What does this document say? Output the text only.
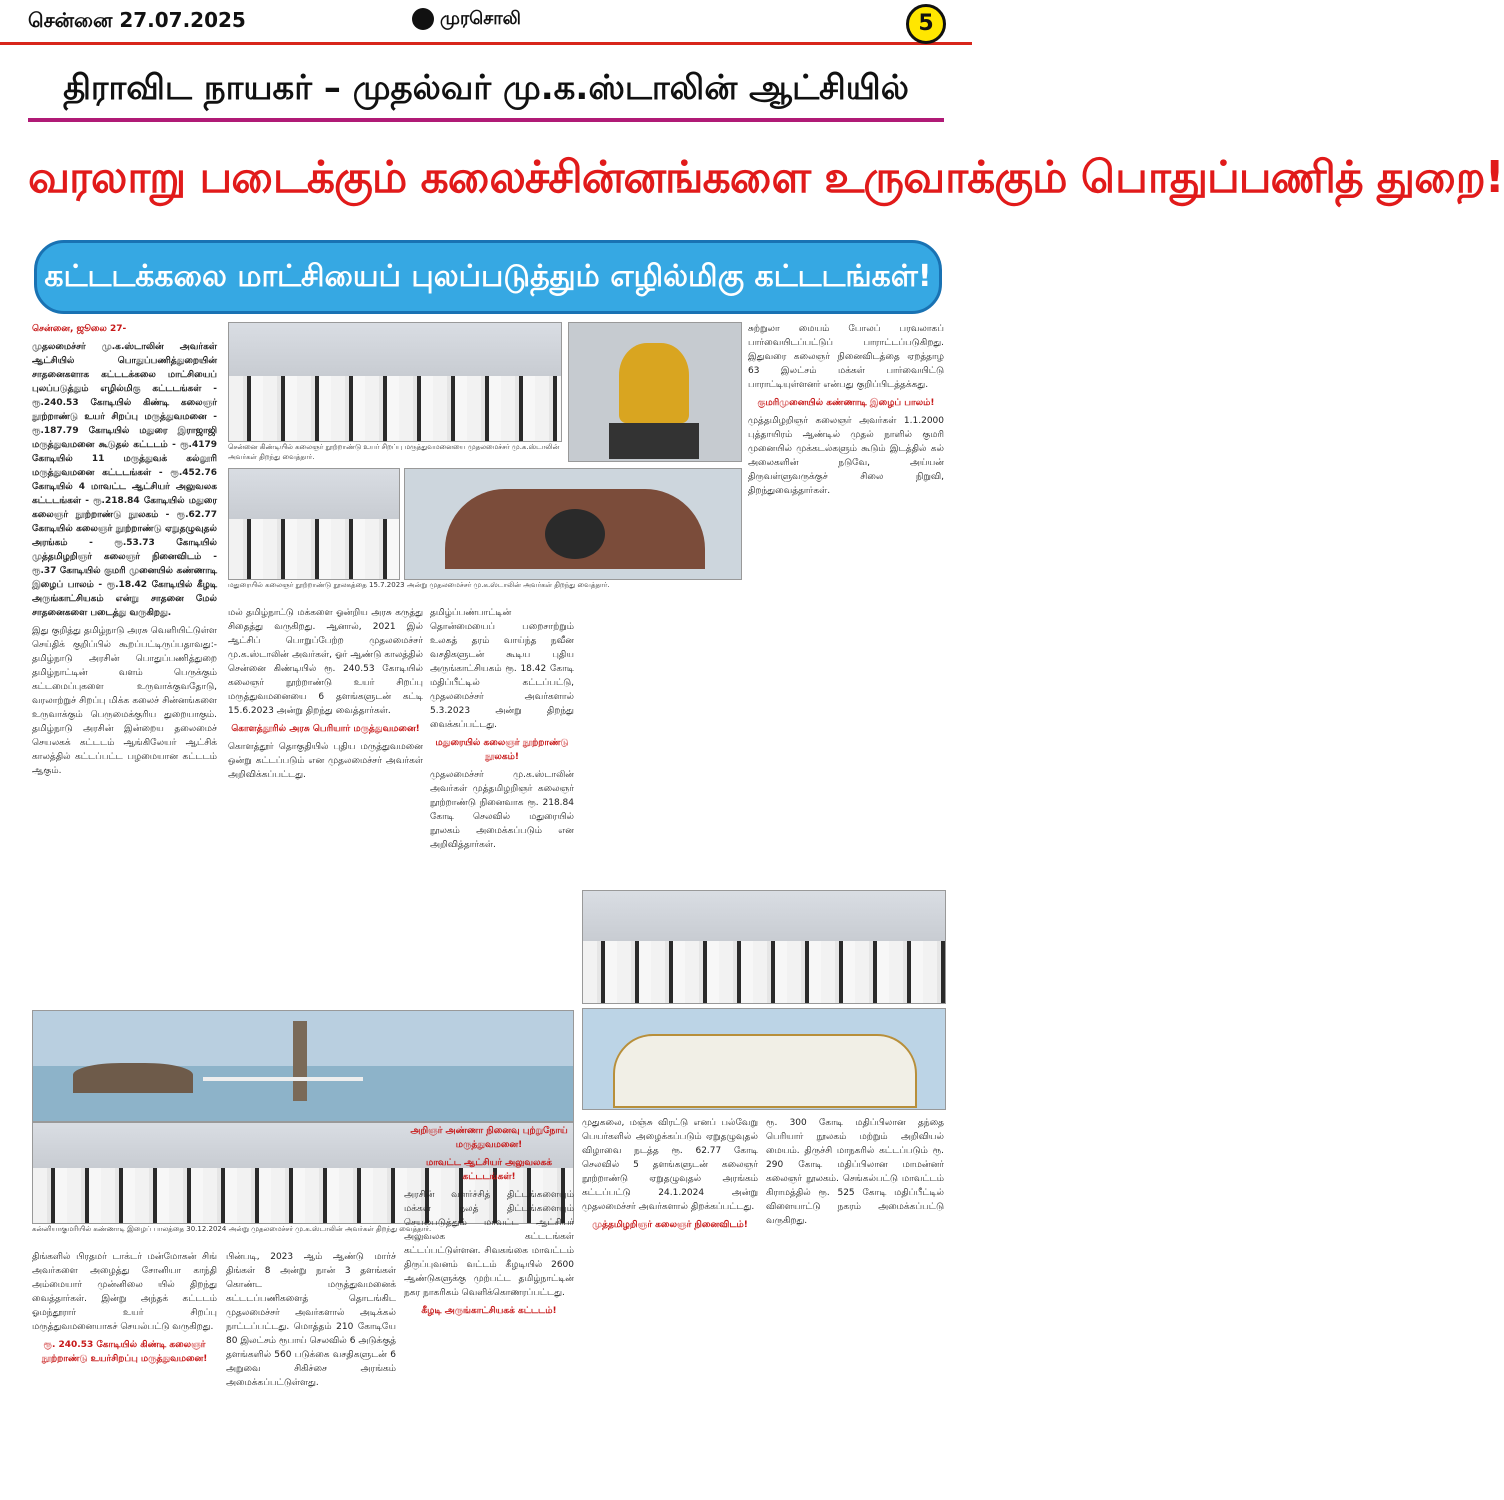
சென்னை 27.07.2025	முரசொலி	5
திராவிட நாயகர் – முதல்வர் மு.க.ஸ்டாலின் ஆட்சியில்
வரலாறு படைக்கும் கலைச்சின்னங்களை உருவாக்கும் பொதுப்பணித் துறை!
கட்டடக்கலை மாட்சியைப் புலப்படுத்தும் எழில்மிகு கட்டடங்கள்!

சென்னை, ஜூலை 27-

முதலமைச்சர் மு.க.ஸ்டாலின் அவர்கள் ஆட்சியில் பொதுப்பணித்துறையின் சாதனைகளாக கட்டடக்கலை மாட்சியைப் புலப்படுத்தும் எழில்மிகு கட்டடங்கள் - ரூ.240.53 கோடியில் கிண்டி கலைஞர் நூற்றாண்டு உயர் சிறப்பு மருத்துவமனை - ரூ.187.79 கோடியில் மதுரை இராஜாஜி மருத்துவமனை கூடுதல் கட்டடம் - ரூ.4179 கோடியில் 11 மருத்துவக் கல்லூரி மருத்துவமனை கட்டடங்கள் - ரூ.452.76 கோடியில் 4 மாவட்ட ஆட்சியர் அலுவலக கட்டடங்கள் - ரூ.218.84 கோடியில் மதுரை கலைஞர் நூற்றாண்டு நூலகம் - ரூ.62.77 கோடியில் கலைஞர் நூற்றாண்டு ஏறுதழுவுதல் அரங்கம் - ரூ.53.73 கோடியில் முத்தமிழறிஞர் கலைஞர் நினைவிடம் - ரூ.37 கோடியில் குமரி முனையில் கண்ணாடி இழைப் பாலம் - ரூ.18.42 கோடியில் கீழடி அருங்காட்சியகம் என்று சாதனை மேல் சாதனைகளை படைத்து வருகிறது.

இது குறித்து தமிழ்நாடு அரசு வெளியிட்டுள்ள செய்திக் குறிப்பில் கூறப்பட்டிருப்பதாவது:- தமிழ்நாடு அரசின் பொதுப்பணித்துறை தமிழ்நாட்டின் வளம் பெருக்கும் கட்டமைப்புகளை உருவாக்குவதோடு, வரலாற்றுச் சிறப்பு மிக்க கலைச் சின்னங்களை உருவாக்கும் பெருமைக்குரிய துறையாகும். தமிழ்நாடு அரசின் இன்றைய தலைமைச் செயலகக் கட்டடம் ஆங்கிலேயர் ஆட்சிக் காலத்தில் கட்டப்பட்ட பழமையான கட்டடம் ஆகும்.

சென்னை கிண்டியில் கலைஞர் நூற்றாண்டு உயர் சிறப்பு மருத்துவமனையை முதலமைச்சர் மு.க.ஸ்டாலின் அவர்கள் திறந்து வைத்தார்.
மதுரையில் கலைஞர் நூற்றாண்டு நூலகத்தை 15.7.2023 அன்று முதலமைச்சர் மு.க.ஸ்டாலின் அவர்கள் திறந்து வைத்தார்.

மல் தமிழ்நாட்டு மக்களை ஓன்றிய அரசு கருத்து சிதைத்து வருகிறது. ஆனால், 2021 இல் ஆட்சிப் பொறுப்பேற்ற முதலமைச்சர் மு.க.ஸ்டாலின் அவர்கள், ஓர் ஆண்டு காலத்தில் சென்னை கிண்டியில் ரூ. 240.53 கோடியில் கலைஞர் நூற்றாண்டு உயர் சிறப்பு மருத்துவமனையை 6 தளங்களுடன் கட்டி 15.6.2023 அன்று திறந்து வைத்தார்கள்.

கொளத்தூரில் அரசு பெரியார் மருத்துவமனை!

கொளத்தூர் தொகுதியில் புதிய மருத்துவமனை ஒன்று கட்டப்படும் என முதலமைச்சர் அவர்கள் அறிவிக்கப்பட்டது.

தமிழ்ப்பண்பாட்டின் தொன்மையைப் பறைசாற்றும் உலகத் தரம் வாய்ந்த நவீன வசதிகளுடன் கூடிய புதிய அருங்காட்சியகம் ரூ. 18.42 கோடி மதிப்பீட்டில் கட்டப்பட்டு, முதலமைச்சர் அவர்களால் 5.3.2023 அன்று திறந்து வைக்கப்பட்டது.

மதுரையில் கலைஞர் நூற்றாண்டு நூலகம்!

முதலமைச்சர் மு.க.ஸ்டாலின் அவர்கள் முத்தமிழறிஞர் கலைஞர் நூற்றாண்டு நினைவாக ரூ. 218.84 கோடி செலவில் மதுரையில் நூலகம் அமைக்கப்படும் என அறிவித்தார்கள்.

சுற்றுலா மையம் போலப் பரவலாகப் பார்வையிடப்பட்டுப் பாராட்டப்படுகிறது. இதுவரை கலைஞர் நினைவிடத்தை ஏறத்தாழ 63 இலட்சம் மக்கள் பார்வையிட்டு பாராட்டியுள்ளனர் என்பது குறிப்பிடத்தக்கது.

குமரிமுனையில் கண்ணாடி இழைப் பாலம்!

முத்தமிழறிஞர் கலைஞர் அவர்கள் 1.1.2000 புத்தாயிரம் ஆண்டில் முதல் நாளில் குமரி முனையில் முக்கடல்களும் கூடும் இடத்தில் கல் அலைகளின் நடுவே, அய்யன் திருவள்ளுவருக்குச் சிலை நிறுவி, திறந்துவைத்தார்கள்.

கன்னியாகுமரியில் கண்ணாடி இழைப் பாலத்தை 30.12.2024 அன்று முதலமைச்சர் மு.க.ஸ்டாலின் அவர்கள் திறந்து வைத்தார்.

திங்களில் பிரதமர் டாக்டர் மன்மோகன் சிங் அவர்களை அழைத்து சோனியா காந்தி அம்மையார் முன்னிலை யில் திறந்து வைத்தார்கள். இன்று அந்தக் கட்டடம் ஓமந்தூரார் உயர் சிறப்பு மருத்துவமனையாகச் செயல்பட்டு வருகிறது.

ரூ. 240.53 கோடியில் கிண்டி கலைஞர் நூற்றாண்டு உயர்சிறப்பு மருத்துவமனை!

பின்படி, 2023 ஆம் ஆண்டு மார்ச் திங்கள் 8 அன்று நான் 3 தளங்கள் கொண்ட மருத்துவமனைக் கட்டடப்பணிகளைத் தொடங்கிட முதலமைச்சர் அவர்களால் அடிக்கல் நாட்டப்பட்டது. மொத்தம் 210 கோடியே 80 இலட்சம் ரூபாய் செலவில் 6 அடுக்குத் தளங்களில் 560 படுக்கை வசதிகளுடன் 6 அறுவை சிகிச்சை அரங்கம் அமைக்கப்பட்டுள்ளது.

அறிஞர் அண்ணா நினைவு புற்றுநோய் மருத்துவமனை!
மாவட்ட ஆட்சியர் அலுவலகக் கட்டடங்கள்!

அரசின் வளர்ச்சித் திட்டங்களையும் மக்கள் நலத் திட்டங்களையும் செயல்படுத்தும் மாவட்ட ஆட்சியர் அலுவலக கட்டடங்கள் கட்டப்பட்டுள்ளன. சிவகங்கை மாவட்டம் திருப்புவனம் வட்டம் கீழடியில் 2600 ஆண்டுகளுக்கு முற்பட்ட தமிழ்நாட்டின் நகர நாகரிகம் வெளிக்கொணரப்பட்டது.

கீழடி அருங்காட்சியகக் கட்டடம்!

முதுகலை, மஞ்சு விரட்டு எனப் பல்வேறு பெயர்களில் அழைக்கப்படும் ஏறுதழுவுதல் விழாவை நடத்த ரூ. 62.77 கோடி செலவில் 5 தளங்களுடன் கலைஞர் நூற்றாண்டு ஏறுதழுவுதல் அரங்கம் கட்டப்பட்டு 24.1.2024 அன்று முதலமைச்சர் அவர்களால் திறக்கப்பட்டது.

முத்தமிழறிஞர் கலைஞர் நினைவிடம்!

ரூ. 300 கோடி மதிப்பிலான தந்தை பெரியார் நூலகம் மற்றும் அறிவியல் மையம். திருச்சி மாநகரில் கட்டப்படும் ரூ. 290 கோடி மதிப்பிலான மாமன்னர் கலைஞர் நூலகம். செங்கல்பட்டு மாவட்டம் கிராமத்தில் ரூ. 525 கோடி மதிப்பீட்டில் விளையாட்டு நகரம் அமைக்கப்பட்டு வருகிறது.
